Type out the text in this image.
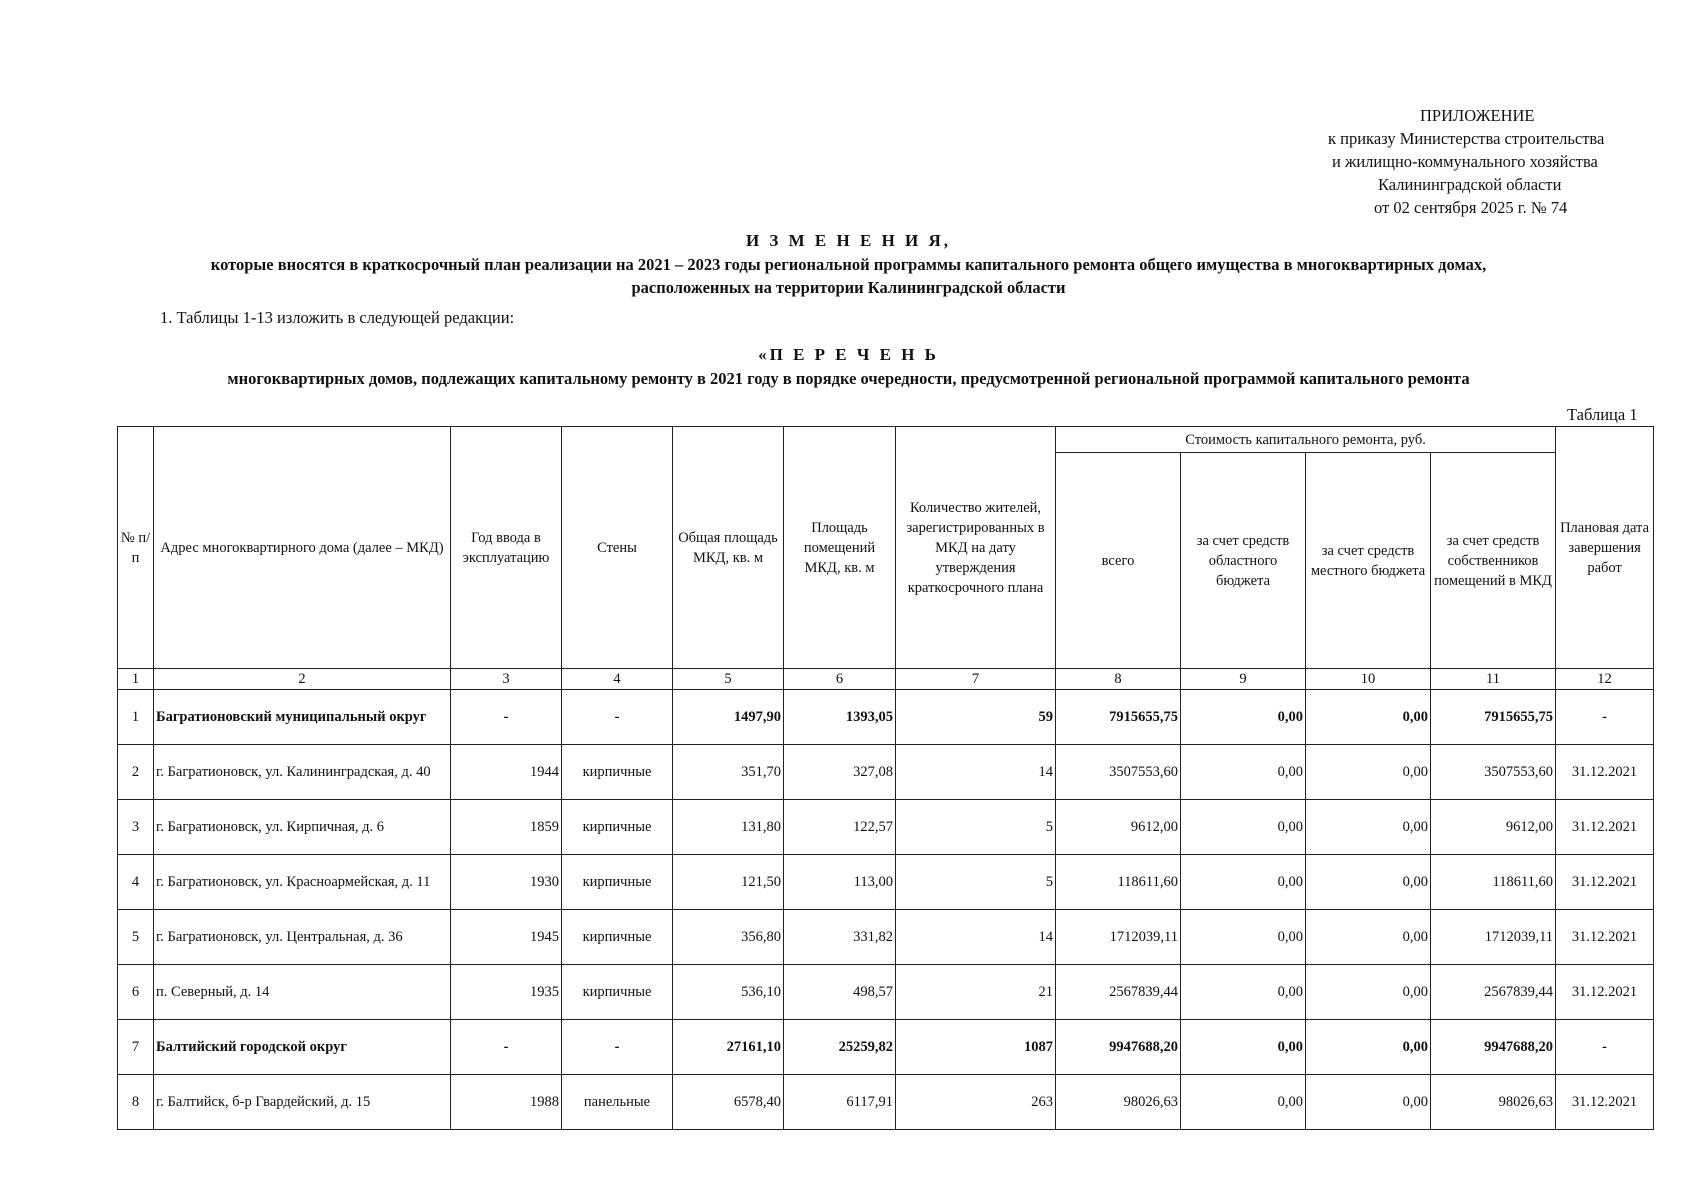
ПРИЛОЖЕНИЕ
к приказу Министерства строительства
и жилищно-коммунального хозяйства
Калининградской области
от 02 сентября 2025 г. № 74
И З М Е Н Е Н И Я,
которые вносятся в краткосрочный план реализации на 2021 – 2023 годы региональной программы капитального ремонта общего имущества в многоквартирных домах,
расположенных на территории Калининградской области
1. Таблицы 1-13 изложить в следующей редакции:
«П Е Р Е Ч Е Н Ь
многоквартирных домов, подлежащих капитальному ремонту в 2021 году в порядке очередности, предусмотренной региональной программой капитального ремонта
Таблица 1
№ п/п	Адрес многоквартирного дома (далее – МКД)	Год ввода в эксплуатацию	Стены	Общая площадь МКД, кв. м	Площадь помещений МКД, кв. м	Количество жителей, зарегистрированных в МКД на дату утверждения краткосрочного плана	Стоимость капитального ремонта, руб.				Плановая дата завершения работ
							всего	за счет средств областного бюджета	за счет средств местного бюджета	за счет средств собственников помещений в МКД	
1	2	3	4	5	6	7	8	9	10	11	12
1	Багратионовский муниципальный округ	-	-	1497,90	1393,05	59	7915655,75	0,00	0,00	7915655,75	-
2	г. Багратионовск, ул. Калининградская, д. 40	1944	кирпичные	351,70	327,08	14	3507553,60	0,00	0,00	3507553,60	31.12.2021
3	г. Багратионовск, ул. Кирпичная, д. 6	1859	кирпичные	131,80	122,57	5	9612,00	0,00	0,00	9612,00	31.12.2021
4	г. Багратионовск, ул. Красноармейская, д. 11	1930	кирпичные	121,50	113,00	5	118611,60	0,00	0,00	118611,60	31.12.2021
5	г. Багратионовск, ул. Центральная, д. 36	1945	кирпичные	356,80	331,82	14	1712039,11	0,00	0,00	1712039,11	31.12.2021
6	п. Северный, д. 14	1935	кирпичные	536,10	498,57	21	2567839,44	0,00	0,00	2567839,44	31.12.2021
7	Балтийский городской округ	-	-	27161,10	25259,82	1087	9947688,20	0,00	0,00	9947688,20	-
8	г. Балтийск, б-р Гвардейский, д. 15	1988	панельные	6578,40	6117,91	263	98026,63	0,00	0,00	98026,63	31.12.2021
